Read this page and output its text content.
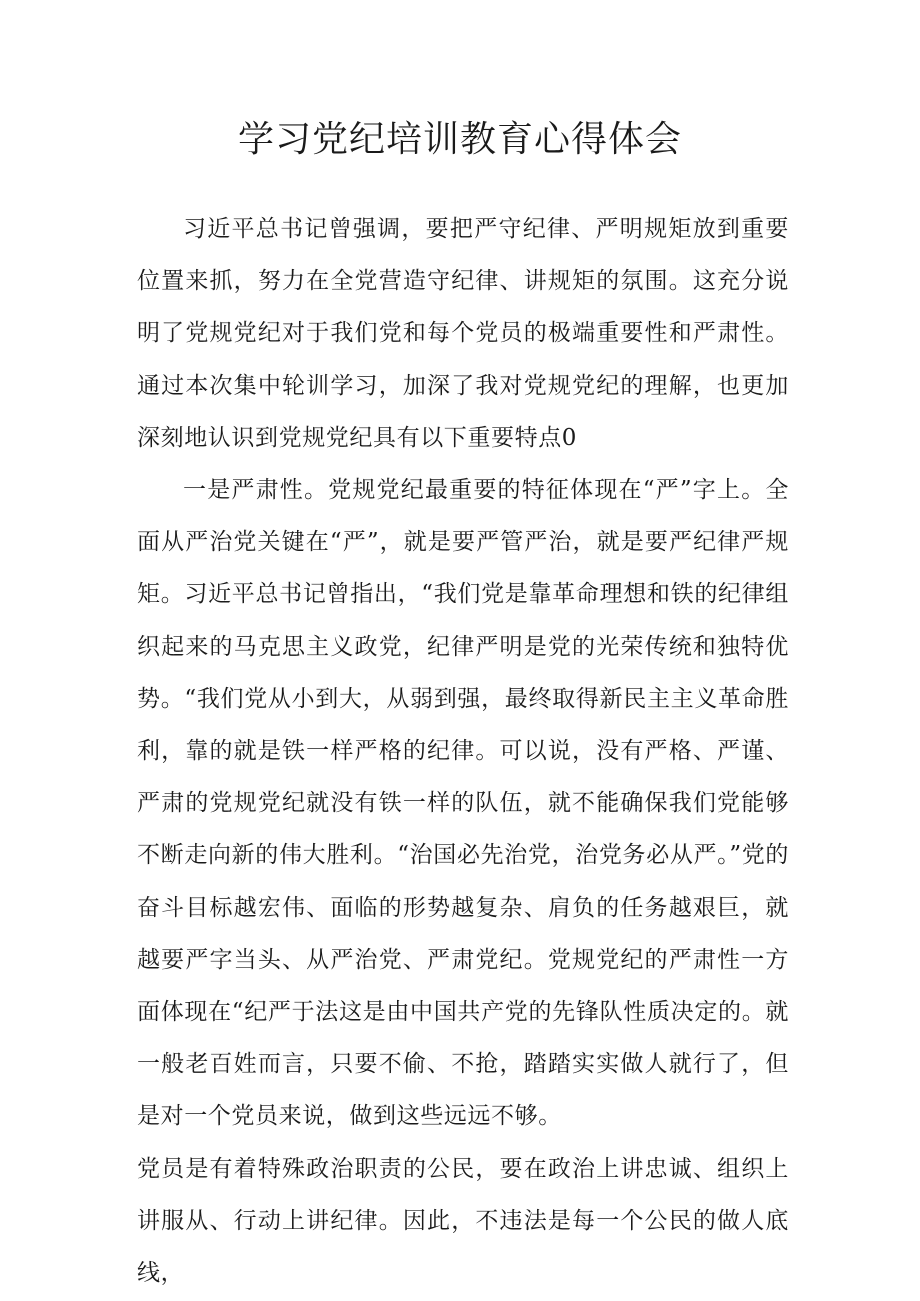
学习党纪培训教育心得体会

习近平总书记曾强调，要把严守纪律、严明规矩放到重要位置来抓，努力在全党营造守纪律、讲规矩的氛围。这充分说明了党规党纪对于我们党和每个党员的极端重要性和严肃性。通过本次集中轮训学习，加深了我对党规党纪的理解，也更加深刻地认识到党规党纪具有以下重要特点0

一是严肃性。党规党纪最重要的特征体现在“严”字上。全面从严治党关键在“严”，就是要严管严治，就是要严纪律严规矩。习近平总书记曾指出，“我们党是靠革命理想和铁的纪律组织起来的马克思主义政党，纪律严明是党的光荣传统和独特优势。“我们党从小到大，从弱到强，最终取得新民主主义革命胜利，靠的就是铁一样严格的纪律。可以说，没有严格、严谨、严肃的党规党纪就没有铁一样的队伍，就不能确保我们党能够不断走向新的伟大胜利。“治国必先治党，治党务必从严。”党的奋斗目标越宏伟、面临的形势越复杂、肩负的任务越艰巨，就越要严字当头、从严治党、严肃党纪。党规党纪的严肃性一方面体现在“纪严于法这是由中国共产党的先锋队性质决定的。就一般老百姓而言，只要不偷、不抢，踏踏实实做人就行了，但是对一个党员来说，做到这些远远不够。

党员是有着特殊政治职责的公民，要在政治上讲忠诚、组织上讲服从、行动上讲纪律。因此，不违法是每一个公民的做人底线，
